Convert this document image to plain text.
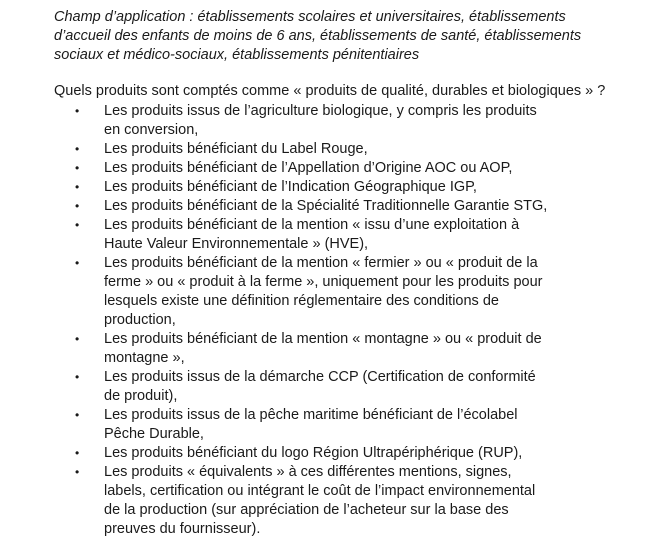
Champ d’application : établissements scolaires et universitaires, établissements d’accueil des enfants de moins de 6 ans, établissements de santé, établissements sociaux et médico-sociaux, établissements pénitentiaires

Quels produits sont comptés comme « produits de qualité, durables et biologiques » ?

• Les produits issus de l’agriculture biologique, y compris les produits en conversion,
• Les produits bénéficiant du Label Rouge,
• Les produits bénéficiant de l’Appellation d’Origine AOC ou AOP,
• Les produits bénéficiant de l’Indication Géographique IGP,
• Les produits bénéficiant de la Spécialité Traditionnelle Garantie STG,
• Les produits bénéficiant de la mention « issu d’une exploitation à Haute Valeur Environnementale » (HVE),
• Les produits bénéficiant de la mention « fermier » ou « produit de la ferme » ou « produit à la ferme », uniquement pour les produits pour lesquels existe une définition réglementaire des conditions de production,
• Les produits bénéficiant de la mention « montagne » ou « produit de montagne »,
• Les produits issus de la démarche CCP (Certification de conformité de produit),
• Les produits issus de la pêche maritime bénéficiant de l’écolabel Pêche Durable,
• Les produits bénéficiant du logo Région Ultrapériphérique (RUP),
• Les produits « équivalents » à ces différentes mentions, signes, labels, certification ou intégrant le coût de l’impact environnemental de la production (sur appréciation de l’acheteur sur la base des preuves du fournisseur).
